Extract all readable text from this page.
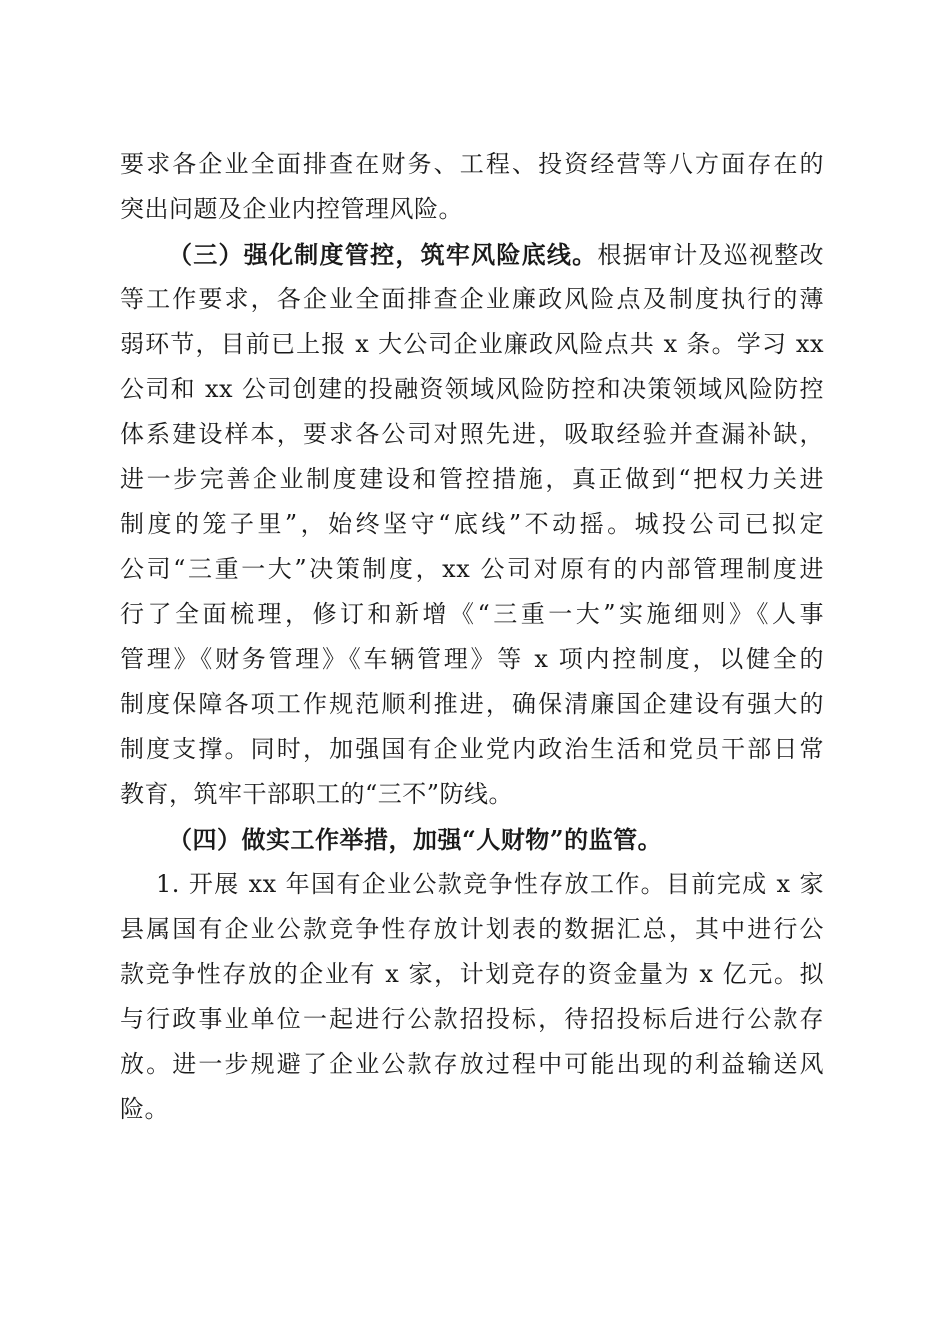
要求各企业全面排查在财务、工程、投资经营等八方面存在的
突出问题及企业内控管理风险。
（三）强化制度管控，筑牢风险底线。根据审计及巡视整改
等工作要求，各企业全面排查企业廉政风险点及制度执行的薄
弱环节，目前已上报 x 大公司企业廉政风险点共 x 条。学习 xx
公司和 xx 公司创建的投融资领域风险防控和决策领域风险防控
体系建设样本，要求各公司对照先进，吸取经验并查漏补缺，
进一步完善企业制度建设和管控措施，真正做到“把权力关进
制度的笼子里”，始终坚守“底线”不动摇。城投公司已拟定
公司“三重一大”决策制度，xx 公司对原有的内部管理制度进
行了全面梳理，修订和新增《“三重一大”实施细则》《人事
管理》《财务管理》《车辆管理》等 x 项内控制度，以健全的
制度保障各项工作规范顺利推进，确保清廉国企建设有强大的
制度支撑。同时，加强国有企业党内政治生活和党员干部日常
教育，筑牢干部职工的“三不”防线。
（四）做实工作举措，加强“人财物”的监管。
1. 开展 xx 年国有企业公款竞争性存放工作。目前完成 x 家
县属国有企业公款竞争性存放计划表的数据汇总，其中进行公
款竞争性存放的企业有 x 家，计划竞存的资金量为 x 亿元。拟
与行政事业单位一起进行公款招投标，待招投标后进行公款存
放。进一步规避了企业公款存放过程中可能出现的利益输送风
险。
